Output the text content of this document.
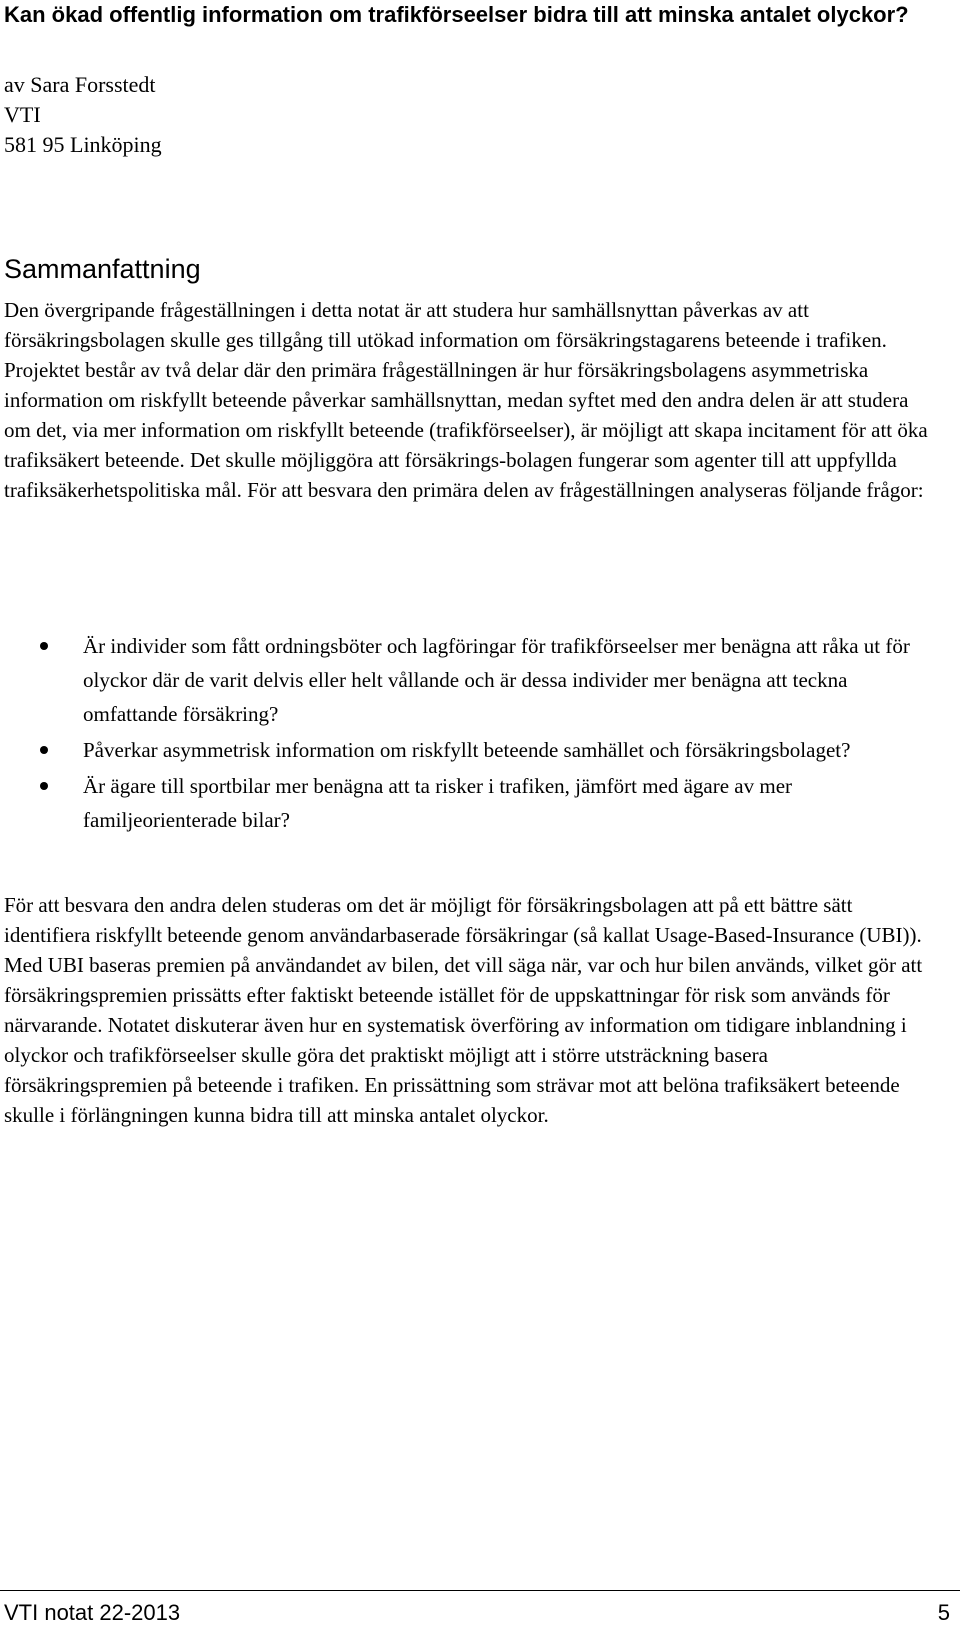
Kan ökad offentlig information om trafikförseelser bidra till att minska antalet olyckor?
av Sara Forsstedt
VTI
581 95 Linköping
Sammanfattning

Den övergripande frågeställningen i detta notat är att studera hur samhällsnyttan påverkas av att försäkringsbolagen skulle ges tillgång till utökad information om försäkringstagarens beteende i trafiken. Projektet består av två delar där den primära frågeställningen är hur försäkringsbolagens asymmetriska information om riskfyllt beteende påverkar samhällsnyttan, medan syftet med den andra delen är att studera om det, via mer information om riskfyllt beteende (trafikförseelser), är möjligt att skapa incitament för att öka trafiksäkert beteende. Det skulle möjliggöra att försäkrings-bolagen fungerar som agenter till att uppfyllda trafiksäkerhetspolitiska mål. För att besvara den primära delen av frågeställningen analyseras följande frågor:

Är individer som fått ordningsböter och lagföringar för trafikförseelser mer benägna att råka ut för olyckor där de varit delvis eller helt vållande och är dessa individer mer benägna att teckna omfattande försäkring?
Påverkar asymmetrisk information om riskfyllt beteende samhället och försäkringsbolaget?
Är ägare till sportbilar mer benägna att ta risker i trafiken, jämfört med ägare av mer familjeorienterade bilar?

För att besvara den andra delen studeras om det är möjligt för försäkringsbolagen att på ett bättre sätt identifiera riskfyllt beteende genom användarbaserade försäkringar (så kallat Usage-Based-Insurance (UBI)). Med UBI baseras premien på användandet av bilen, det vill säga när, var och hur bilen används, vilket gör att försäkringspremien prissätts efter faktiskt beteende istället för de uppskattningar för risk som används för närvarande. Notatet diskuterar även hur en systematisk överföring av information om tidigare inblandning i olyckor och trafikförseelser skulle göra det praktiskt möjligt att i större utsträckning basera försäkringspremien på beteende i trafiken. En prissättning som strävar mot att belöna trafiksäkert beteende skulle i förlängningen kunna bidra till att minska antalet olyckor.

VTI notat 22-2013	5
